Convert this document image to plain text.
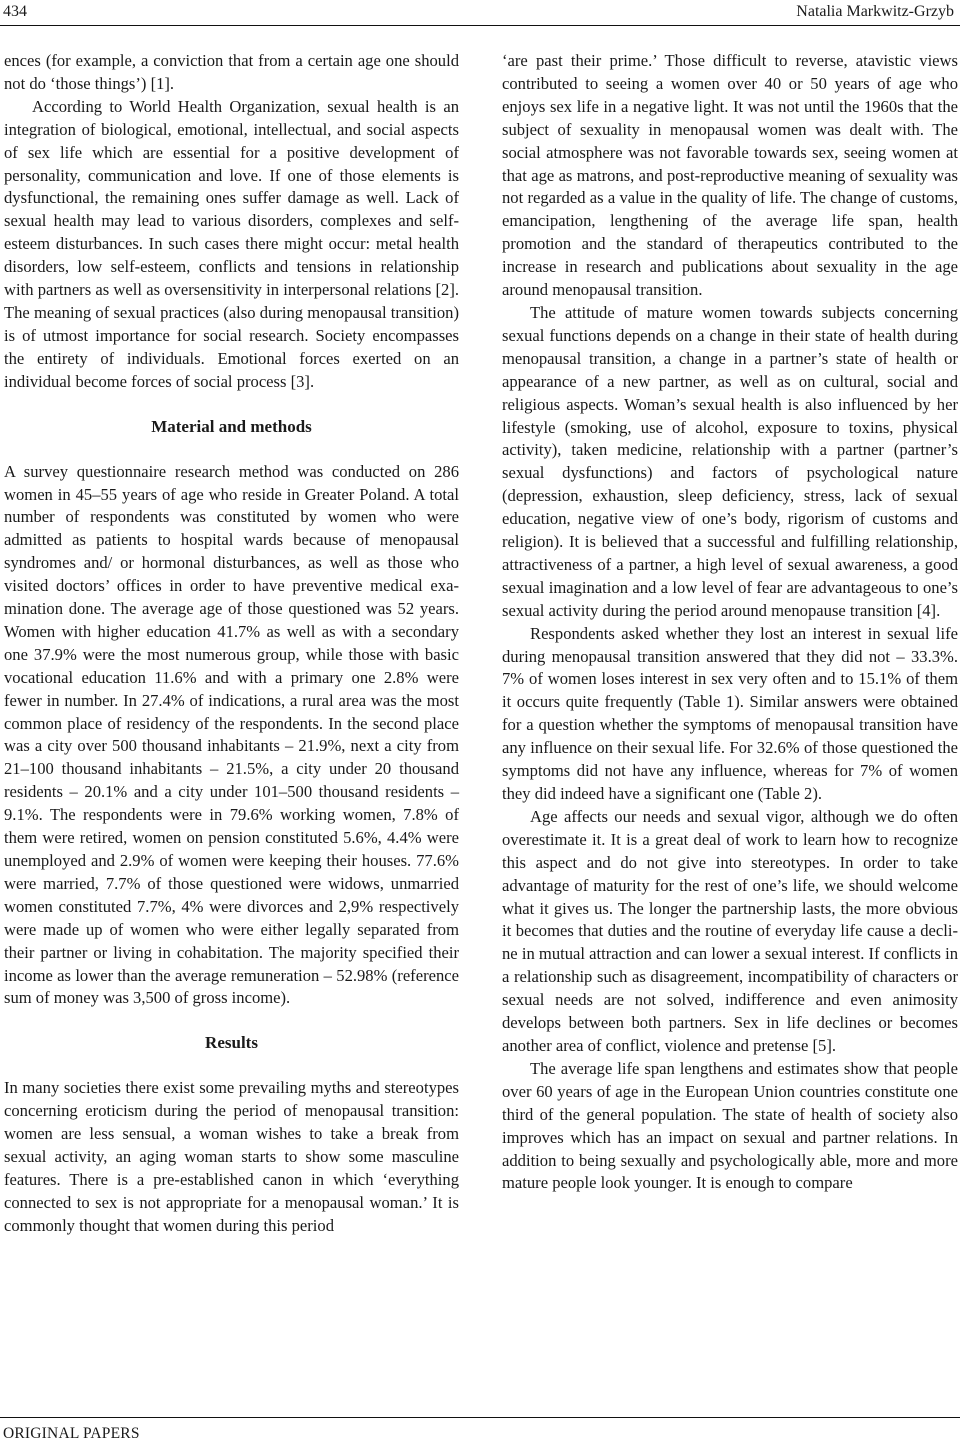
434	Natalia Markwitz-Grzyb

ences (for example, a conviction that from a certain age one should not do ‘those things’) [1].

According to World Health Organization, sexual health is an integration of biological, emotional, intellectual, and social aspects of sex life which are essential for a positive development of personality, communication and love. If one of those elements is dysfunctional, the remaining ones suffer damage as well. Lack of sexual health may lead to various disorders, complexes and self-esteem disturbances. In such cases there might occur: metal health disorders, low self-esteem, conflicts and tensions in relationship with partners as well as oversensitivity in interpersonal relations [2]. The meaning of sexual practices (also during menopausal transition) is of utmost importance for social research. Society encompasses the entirety of individuals. Emotional forces exerted on an individual become forces of social process [3].

Material and methods

A survey questionnaire research method was conducted on 286 women in 45–55 years of age who reside in Greater Poland. A total number of respondents was constituted by women who were admitted as patients to hospital wards because of menopausal syndromes and/ or hormonal disturbances, as well as those who visited doctors’ offices in order to have preventive medical examination done. The average age of those questioned was 52 years. Women with higher education 41.7% as well as with a secondary one 37.9% were the most numerous group, while those with basic vocational education 11.6% and with a primary one 2.8% were fewer in number. In 27.4% of indications, a rural area was the most common place of residency of the respondents. In the second place was a city over 500 thousand inhabitants – 21.9%, next a city from 21–100 thousand inhabitants – 21.5%, a city under 20 thousand residents – 20.1% and a city under 101–500 thousand residents – 9.1%. The respondents were in 79.6% working women, 7.8% of them were retired, women on pension constituted 5.6%, 4.4% were unemployed and 2.9% of women were keeping their houses. 77.6% were married, 7.7% of those questioned were widows, unmarried women constituted 7.7%, 4% were divorces and 2,9% respectively were made up of women who were either legally separated from their partner or living in cohabitation. The majority specified their income as lower than the average remuneration – 52.98% (reference sum of money was 3,500 of gross income).

Results

In many societies there exist some prevailing myths and stereotypes concerning eroticism during the period of menopausal transition: women are less sensual, a woman wishes to take a break from sexual activity, an aging woman starts to show some masculine features. There is a pre-established canon in which ‘everything connected to sex is not appropriate for a menopausal woman.’ It is commonly thought that women during this period

‘are past their prime.’ Those difficult to reverse, atavistic views contributed to seeing a women over 40 or 50 years of age who enjoys sex life in a negative light. It was not until the 1960s that the subject of sexuality in menopausal women was dealt with. The social atmosphere was not favorable towards sex, seeing women at that age as matrons, and post-reproductive meaning of sexuality was not regarded as a value in the quality of life. The change of customs, emancipation, lengthening of the average life span, health promotion and the standard of therapeutics contributed to the increase in research and publications about sexuality in the age around menopausal transition.

The attitude of mature women towards subjects concerning sexual functions depends on a change in their state of health during menopausal transition, a change in a partner’s state of health or appearance of a new partner, as well as on cultural, social and religious aspects. Woman’s sexual health is also influenced by her lifestyle (smoking, use of alcohol, exposure to toxins, physical activity), taken medicine, relationship with a partner (partner’s sexual dysfunctions) and factors of psychological nature (depression, exhaustion, sleep deficiency, stress, lack of sexual education, negative view of one’s body, rigorism of customs and religion). It is believed that a successful and fulfilling relationship, attractiveness of a partner, a high level of sexual awareness, a good sexual imagination and a low level of fear are advantageous to one’s sexual activity during the period around menopause transition [4].

Respondents asked whether they lost an interest in sexual life during menopausal transition answered that they did not – 33.3%. 7% of women loses interest in sex very often and to 15.1% of them it occurs quite frequently (Table 1). Similar answers were obtained for a question whether the symptoms of menopausal transition have any influence on their sexual life. For 32.6% of those questioned the symptoms did not have any influence, whereas for 7% of women they did indeed have a significant one (Table 2).

Age affects our needs and sexual vigor, although we do often overestimate it. It is a great deal of work to learn how to recognize this aspect and do not give into stereotypes. In order to take advantage of maturity for the rest of one’s life, we should welcome what it gives us. The longer the partnership lasts, the more obvious it becomes that duties and the routine of everyday life cause a decline in mutual attraction and can lower a sexual interest. If conflicts in a relationship such as disagreement, incompatibility of characters or sexual needs are not solved, indifference and even animosity develops between both partners. Sex in life declines or becomes another area of conflict, violence and pretense [5].

The average life span lengthens and estimates show that people over 60 years of age in the European Union countries constitute one third of the general population. The state of health of society also improves which has an impact on sexual and partner relations. In addition to being sexually and psychologically able, more and more mature people look younger. It is enough to compare

ORIGINAL PAPERS
